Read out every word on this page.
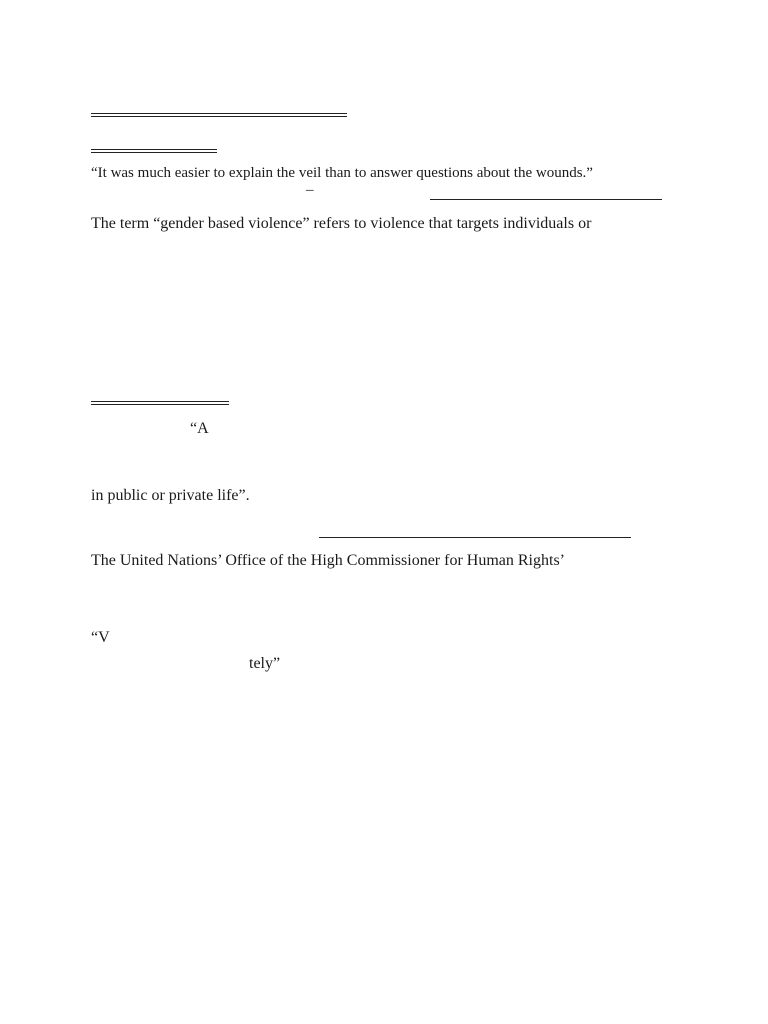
“It was much easier to explain the veil than to answer questions about the wounds.”
–
The term “gender based violence” refers to violence that targets individuals or
“A
in public or private life”.
The United Nations’ Office of the High Commissioner for Human Rights’
“V
tely”
